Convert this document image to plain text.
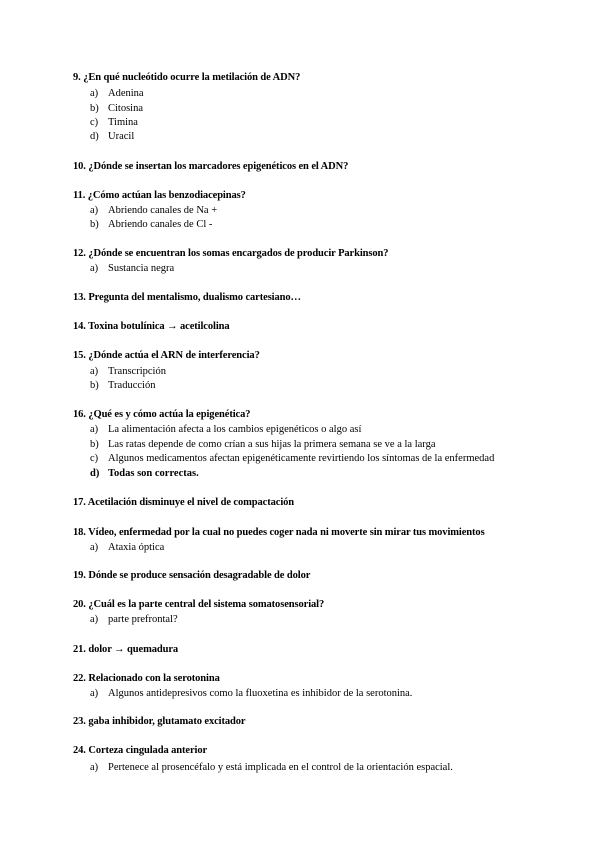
9. ¿En qué nucleótido ocurre la metilación de ADN?
a) Adenina
b) Citosina
c) Timina
d) Uracil
10. ¿Dónde se insertan los marcadores epigenéticos en el ADN?
11. ¿Cómo actúan las benzodiacepinas?
a) Abriendo canales de Na +
b) Abriendo canales de Cl -
12. ¿Dónde se encuentran los somas encargados de producir Parkinson?
a) Sustancia negra
13. Pregunta del mentalismo, dualismo cartesiano…
14. Toxina botulínica → acetilcolina
15. ¿Dónde actúa el ARN de interferencia?
a) Transcripción
b) Traducción
16. ¿Qué es y cómo actúa la epigenética?
a) La alimentación afecta a los cambios epigenéticos o algo así
b) Las ratas depende de como crían a sus hijas la primera semana se ve a la larga
c) Algunos medicamentos afectan epigenéticamente revirtiendo los síntomas de la enfermedad
d) Todas son correctas.
17. Acetilación disminuye el nivel de compactación
18. Vídeo, enfermedad por la cual no puedes coger nada ni moverte sin mirar tus movimientos
a) Ataxia óptica
19. Dónde se produce sensación desagradable de dolor
20. ¿Cuál es la parte central del sistema somatosensorial?
a) parte prefrontal?
21. dolor → quemadura
22. Relacionado con la serotonina
a) Algunos antidepresivos como la fluoxetina es inhibidor de la serotonina.
23. gaba inhibidor, glutamato excitador
24. Corteza cingulada anterior
a) Pertenece al prosencéfalo y está implicada en el control de la orientación espacial.
